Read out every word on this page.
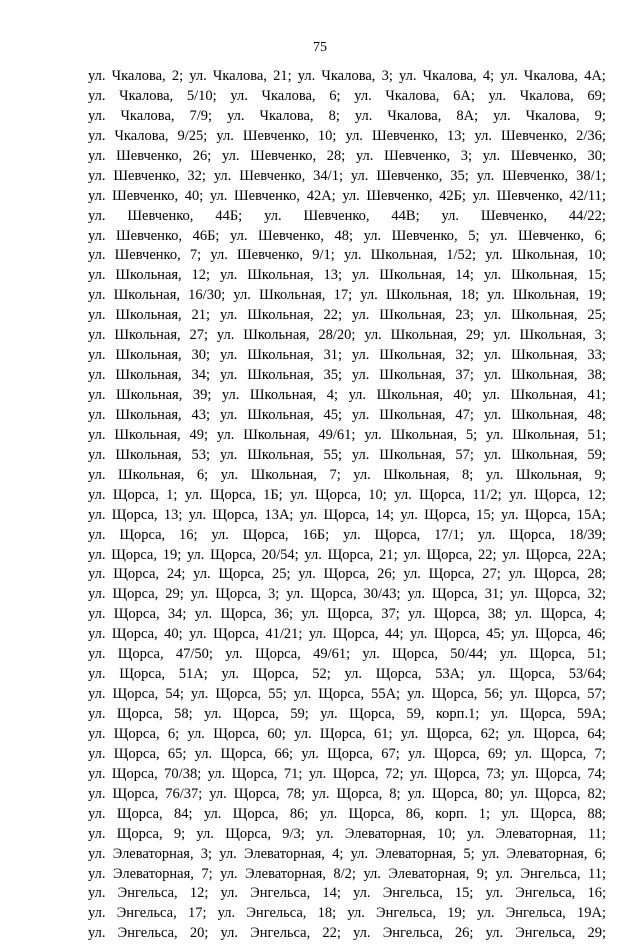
75
ул. Чкалова, 2; ул. Чкалова, 21; ул. Чкалова, 3; ул. Чкалова, 4; ул. Чкалова, 4А;
ул. Чкалова, 5/10; ул. Чкалова, 6; ул. Чкалова, 6А; ул. Чкалова, 69;
ул. Чкалова, 7/9; ул. Чкалова, 8; ул. Чкалова, 8А; ул. Чкалова, 9;
ул. Чкалова, 9/25; ул. Шевченко, 10; ул. Шевченко, 13; ул. Шевченко, 2/36;
ул. Шевченко, 26; ул. Шевченко, 28; ул. Шевченко, 3; ул. Шевченко, 30;
ул. Шевченко, 32; ул. Шевченко, 34/1; ул. Шевченко, 35; ул. Шевченко, 38/1;
ул. Шевченко, 40; ул. Шевченко, 42А; ул. Шевченко, 42Б; ул. Шевченко, 42/11;
ул. Шевченко, 44Б; ул. Шевченко, 44В; ул. Шевченко, 44/22;
ул. Шевченко, 46Б; ул. Шевченко, 48; ул. Шевченко, 5; ул. Шевченко, 6;
ул. Шевченко, 7; ул. Шевченко, 9/1; ул. Школьная, 1/52; ул. Школьная, 10;
ул. Школьная, 12; ул. Школьная, 13; ул. Школьная, 14; ул. Школьная, 15;
ул. Школьная, 16/30; ул. Школьная, 17; ул. Школьная, 18; ул. Школьная, 19;
ул. Школьная, 21; ул. Школьная, 22; ул. Школьная, 23; ул. Школьная, 25;
ул. Школьная, 27; ул. Школьная, 28/20; ул. Школьная, 29; ул. Школьная, 3;
ул. Школьная, 30; ул. Школьная, 31; ул. Школьная, 32; ул. Школьная, 33;
ул. Школьная, 34; ул. Школьная, 35; ул. Школьная, 37; ул. Школьная, 38;
ул. Школьная, 39; ул. Школьная, 4; ул. Школьная, 40; ул. Школьная, 41;
ул. Школьная, 43; ул. Школьная, 45; ул. Школьная, 47; ул. Школьная, 48;
ул. Школьная, 49; ул. Школьная, 49/61; ул. Школьная, 5; ул. Школьная, 51;
ул. Школьная, 53; ул. Школьная, 55; ул. Школьная, 57; ул. Школьная, 59;
ул. Школьная, 6; ул. Школьная, 7; ул. Школьная, 8; ул. Школьная, 9;
ул. Щорса, 1; ул. Щорса, 1Б; ул. Щорса, 10; ул. Щорса, 11/2; ул. Щорса, 12;
ул. Щорса, 13; ул. Щорса, 13А; ул. Щорса, 14; ул. Щорса, 15; ул. Щорса, 15А;
ул. Щорса, 16; ул. Щорса, 16Б; ул. Щорса, 17/1; ул. Щорса, 18/39;
ул. Щорса, 19; ул. Щорса, 20/54; ул. Щорса, 21; ул. Щорса, 22; ул. Щорса, 22А;
ул. Щорса, 24; ул. Щорса, 25; ул. Щорса, 26; ул. Щорса, 27; ул. Щорса, 28;
ул. Щорса, 29; ул. Щорса, 3; ул. Щорса, 30/43; ул. Щорса, 31; ул. Щорса, 32;
ул. Щорса, 34; ул. Щорса, 36; ул. Щорса, 37; ул. Щорса, 38; ул. Щорса, 4;
ул. Щорса, 40; ул. Щорса, 41/21; ул. Щорса, 44; ул. Щорса, 45; ул. Щорса, 46;
ул. Щорса, 47/50; ул. Щорса, 49/61; ул. Щорса, 50/44; ул. Щорса, 51;
ул. Щорса, 51А; ул. Щорса, 52; ул. Щорса, 53А; ул. Щорса, 53/64;
ул. Щорса, 54; ул. Щорса, 55; ул. Щорса, 55А; ул. Щорса, 56; ул. Щорса, 57;
ул. Щорса, 58; ул. Щорса, 59; ул. Щорса, 59, корп.1; ул. Щорса, 59А;
ул. Щорса, 6; ул. Щорса, 60; ул. Щорса, 61; ул. Щорса, 62; ул. Щорса, 64;
ул. Щорса, 65; ул. Щорса, 66; ул. Щорса, 67; ул. Щорса, 69; ул. Щорса, 7;
ул. Щорса, 70/38; ул. Щорса, 71; ул. Щорса, 72; ул. Щорса, 73; ул. Щорса, 74;
ул. Щорса, 76/37; ул. Щорса, 78; ул. Щорса, 8; ул. Щорса, 80; ул. Щорса, 82;
ул. Щорса, 84; ул. Щорса, 86; ул. Щорса, 86, корп. 1; ул. Щорса, 88;
ул. Щорса, 9; ул. Щорса, 9/3; ул. Элеваторная, 10; ул. Элеваторная, 11;
ул. Элеваторная, 3; ул. Элеваторная, 4; ул. Элеваторная, 5; ул. Элеваторная, 6;
ул. Элеваторная, 7; ул. Элеваторная, 8/2; ул. Элеваторная, 9; ул. Энгельса, 11;
ул. Энгельса, 12; ул. Энгельса, 14; ул. Энгельса, 15; ул. Энгельса, 16;
ул. Энгельса, 17; ул. Энгельса, 18; ул. Энгельса, 19; ул. Энгельса, 19А;
ул. Энгельса, 20; ул. Энгельса, 22; ул. Энгельса, 26; ул. Энгельса, 29;
